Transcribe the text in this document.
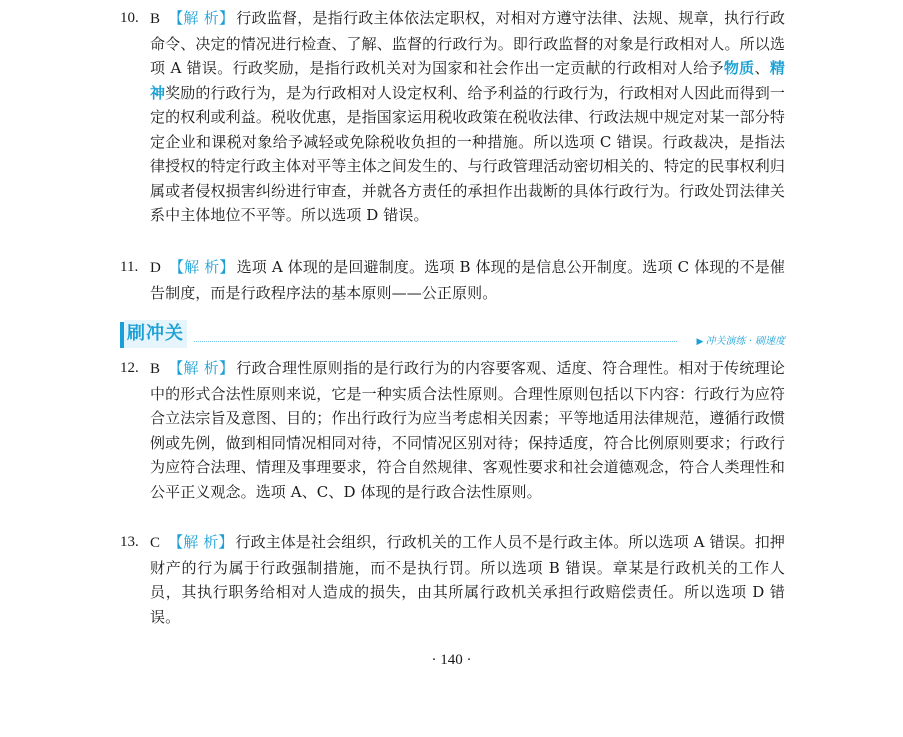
10. B 【解 析】 行政监督，是指行政主体依法定职权，对相对方遵守法律、法规、规章，执行行政命令、决定的情况进行检查、了解、监督的行政行为。即行政监督的对象是行政相对人。所以选项 A 错误。行政奖励，是指行政机关对为国家和社会作出一定贡献的行政相对人给予物质、精神奖励的行政行为，是为行政相对人设定权利、给予利益的行政行为，行政相对人因此而得到一定的权利或利益。税收优惠，是指国家运用税收政策在税收法律、行政法规中规定对某一部分特定企业和课税对象给予减轻或免除税收负担的一种措施。所以选项 C 错误。行政裁决，是指法律授权的特定行政主体对平等主体之间发生的、与行政管理活动密切相关的、特定的民事权利归属或者侵权损害纠纷进行审查，并就各方责任的承担作出裁断的具体行政行为。行政处罚法律关系中主体地位不平等。所以选项 D 错误。
11. D 【解 析】 选项 A 体现的是回避制度。选项 B 体现的是信息公开制度。选项 C 体现的不是催告制度，而是行政程序法的基本原则——公正原则。
刷冲关	▶ 冲关演练 · 刷速度
12. B 【解 析】 行政合理性原则指的是行政行为的内容要客观、适度、符合理性。相对于传统理论中的形式合法性原则来说，它是一种实质合法性原则。合理性原则包括以下内容：行政行为应符合立法宗旨及意图、目的；作出行政行为应当考虑相关因素；平等地适用法律规范，遵循行政惯例或先例，做到相同情况相同对待，不同情况区别对待；保持适度，符合比例原则要求；行政行为应符合法理、情理及事理要求，符合自然规律、客观性要求和社会道德观念，符合人类理性和公平正义观念。选项 A、C、D 体现的是行政合法性原则。
13. C 【解 析】 行政主体是社会组织，行政机关的工作人员不是行政主体。所以选项 A 错误。扣押财产的行为属于行政强制措施，而不是执行罚。所以选项 B 错误。章某是行政机关的工作人员，其执行职务给相对人造成的损失，由其所属行政机关承担行政赔偿责任。所以选项 D 错误。
· 140 ·
